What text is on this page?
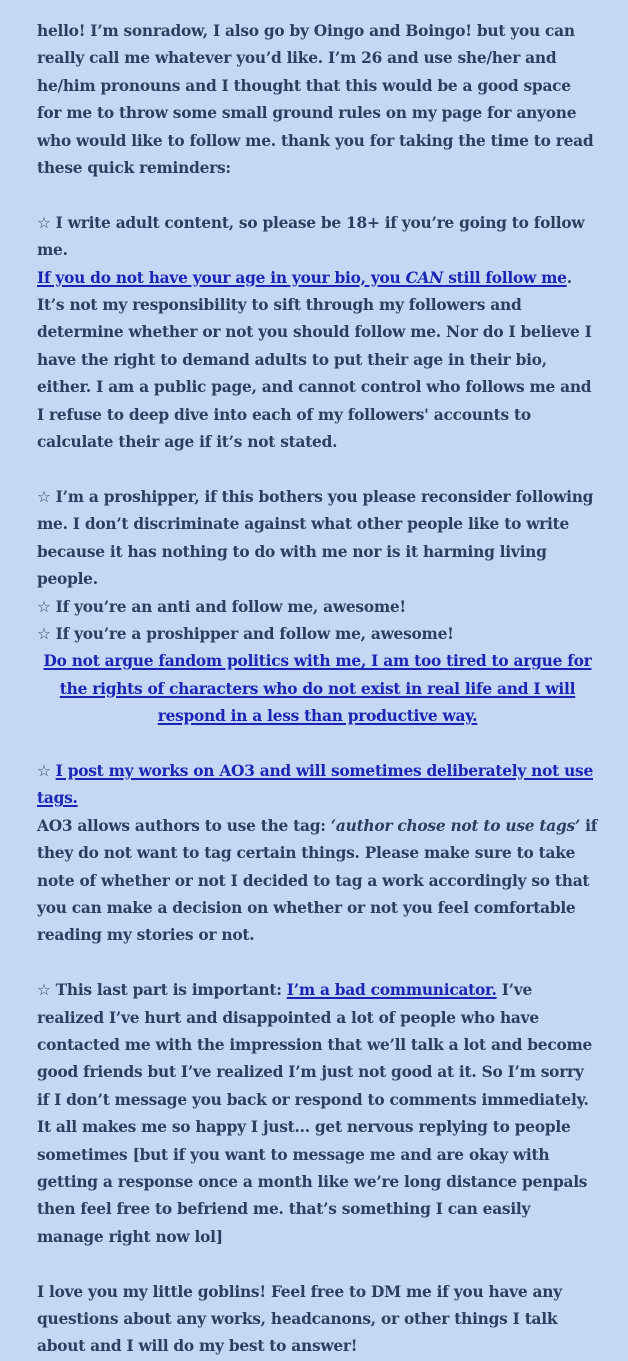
hello! I’m sonradow, I also go by Oingo and Boingo! but you can really call me whatever you’d like. I’m 26 and use she/her and he/him pronouns and I thought that this would be a good space for me to throw some small ground rules on my page for anyone who would like to follow me. thank you for taking the time to read these quick reminders:

☆ I write adult content, so please be 18+ if you’re going to follow me.

If you do not have your age in your bio, you CAN still follow me.

It’s not my responsibility to sift through my followers and determine whether or not you should follow me. Nor do I believe I have the right to demand adults to put their age in their bio, either. I am a public page, and cannot control who follows me and I refuse to deep dive into each of my followers' accounts to calculate their age if it’s not stated.

☆ I’m a proshipper, if this bothers you please reconsider following me. I don’t discriminate against what other people like to write because it has nothing to do with me nor is it harming living people.

☆ If you’re an anti and follow me, awesome!

☆ If you’re a proshipper and follow me, awesome!

Do not argue fandom politics with me, I am too tired to argue for the rights of characters who do not exist in real life and I will respond in a less than productive way.

☆ I post my works on AO3 and will sometimes deliberately not use tags.

AO3 allows authors to use the tag: ‘author chose not to use tags’ if they do not want to tag certain things. Please make sure to take note of whether or not I decided to tag a work accordingly so that you can make a decision on whether or not you feel comfortable reading my stories or not.

☆ This last part is important: I’m a bad communicator. I’ve realized I’ve hurt and disappointed a lot of people who have contacted me with the impression that we’ll talk a lot and become good friends but I’ve realized I’m just not good at it. So I’m sorry if I don’t message you back or respond to comments immediately. It all makes me so happy I just... get nervous replying to people sometimes [but if you want to message me and are okay with getting a response once a month like we’re long distance penpals then feel free to befriend me. that’s something I can easily manage right now lol]

I love you my little goblins! Feel free to DM me if you have any questions about any works, headcanons, or other things I talk about and I will do my best to answer!
